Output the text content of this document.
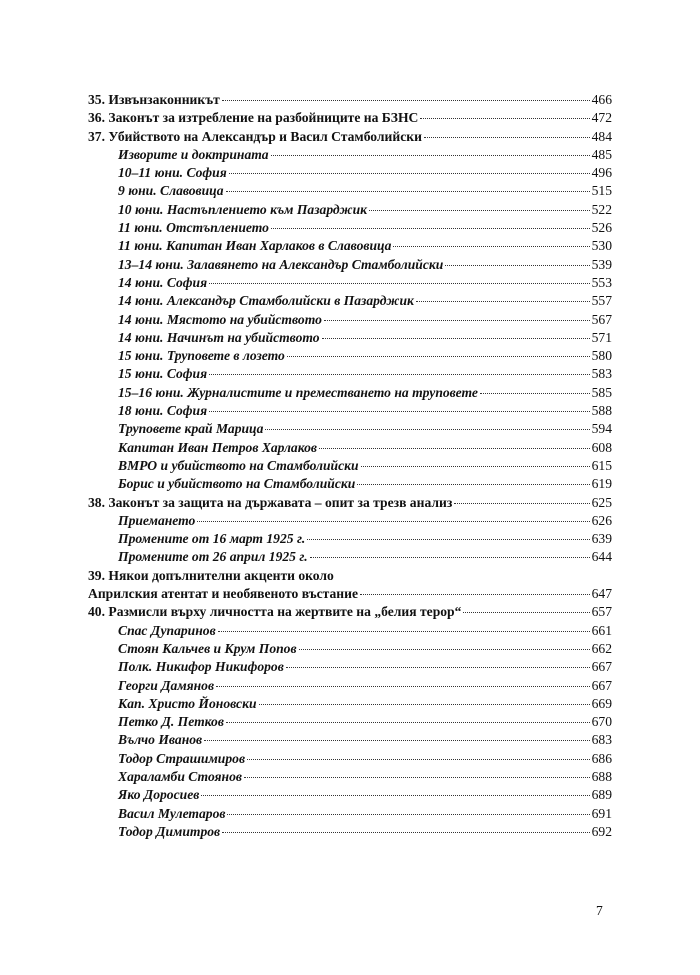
35. Извънзаконникът	466
36. Законът за изтребление на разбойниците на БЗНС	472
37. Убийството на Александър и Васил Стамболийски	484
Изворите и доктрината	485
10–11 юни. София	496
9 юни. Славовица	515
10 юни. Настъплението към Пазарджик	522
11 юни. Отстъплението	526
11 юни. Капитан Иван Харлаков в Славовица	530
13–14 юни. Залавянето на Александър Стамболийски	539
14 юни. София	553
14 юни. Александър Стамболийски в Пазарджик	557
14 юни. Мястото на убийството	567
14 юни. Начинът на убийството	571
15 юни. Труповете в лозето	580
15 юни. София	583
15–16 юни. Журналистите и преместването на труповете	585
18 юни. София	588
Труповете край Марица	594
Капитан Иван Петров Харлаков	608
ВМРО и убийството на Стамболийски	615
Борис и убийството на Стамболийски	619
38. Законът за защита на държавата – опит за трезв анализ	625
Приемането	626
Промените от 16 март 1925 г.	639
Промените от 26 април 1925 г.	644
39. Някои допълнителни акценти около
Априлския атентат и необявеното въстание	647
40. Размисли върху личността на жертвите на „белия терор“	657
Спас Дупаринов	661
Стоян Кальчев и Крум Попов	662
Полк. Никифор Никифоров	667
Георги Дамянов	667
Кап. Христо Йоновски	669
Петко Д. Петков	670
Вълчо Иванов	683
Тодор Страшимиров	686
Хараламби Стоянов	688
Яко Доросиев	689
Васил Мулетаров	691
Тодор Димитров	692
7
